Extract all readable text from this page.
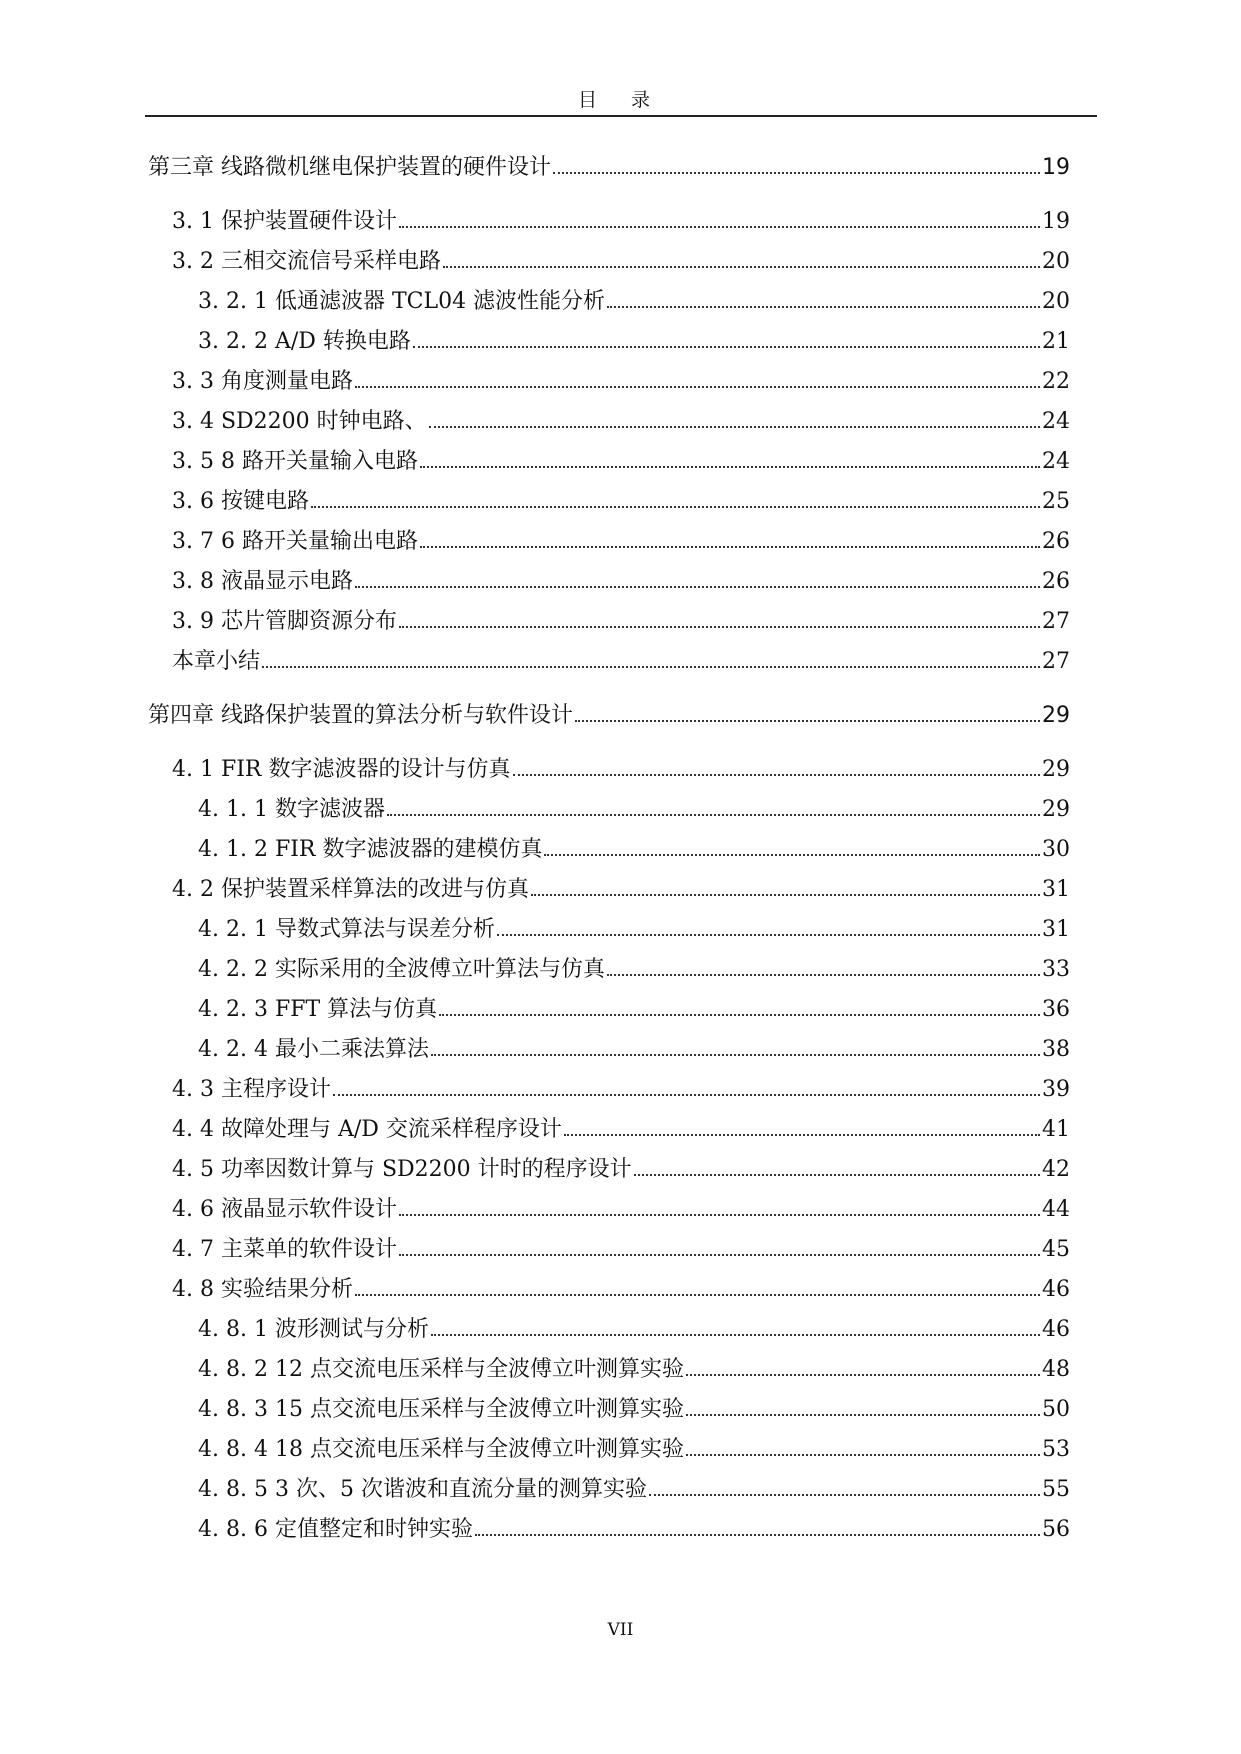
目 录
第三章 线路微机继电保护装置的硬件设计	19
3. 1 保护装置硬件设计	19
3. 2 三相交流信号采样电路	20
3. 2. 1 低通滤波器 TCL04 滤波性能分析	20
3. 2. 2 A/D 转换电路	21
3. 3 角度测量电路	22
3. 4 SD2200 时钟电路、	24
3. 5 8 路开关量输入电路	24
3. 6 按键电路	25
3. 7 6 路开关量输出电路	26
3. 8 液晶显示电路	26
3. 9 芯片管脚资源分布	27
本章小结	27
第四章 线路保护装置的算法分析与软件设计	29
4. 1 FIR 数字滤波器的设计与仿真	29
4. 1. 1 数字滤波器	29
4. 1. 2 FIR 数字滤波器的建模仿真	30
4. 2 保护装置采样算法的改进与仿真	31
4. 2. 1 导数式算法与误差分析	31
4. 2. 2 实际采用的全波傅立叶算法与仿真	33
4. 2. 3 FFT 算法与仿真	36
4. 2. 4 最小二乘法算法	38
4. 3 主程序设计	39
4. 4 故障处理与 A/D 交流采样程序设计	41
4. 5 功率因数计算与 SD2200 计时的程序设计	42
4. 6 液晶显示软件设计	44
4. 7 主菜单的软件设计	45
4. 8 实验结果分析	46
4. 8. 1 波形测试与分析	46
4. 8. 2 12 点交流电压采样与全波傅立叶测算实验	48
4. 8. 3 15 点交流电压采样与全波傅立叶测算实验	50
4. 8. 4 18 点交流电压采样与全波傅立叶测算实验	53
4. 8. 5 3 次、5 次谐波和直流分量的测算实验	55
4. 8. 6 定值整定和时钟实验	56
VII
